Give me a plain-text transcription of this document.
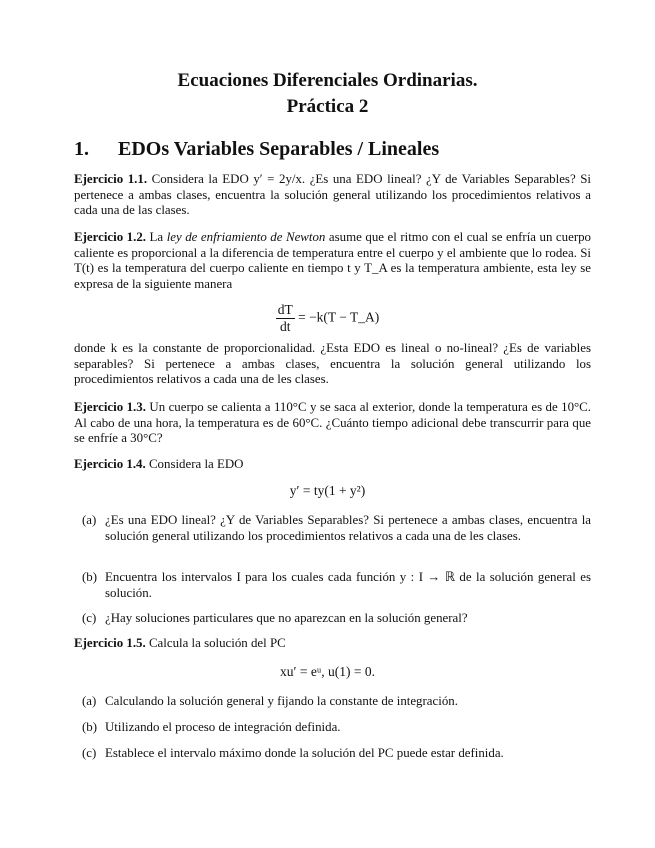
Ecuaciones Diferenciales Ordinarias.
Práctica 2
1. EDOs Variables Separables / Lineales
Ejercicio 1.1. Considera la EDO y′ = 2y/x. ¿Es una EDO lineal? ¿Y de Variables Separables? Si pertenece a ambas clases, encuentra la solución general utilizando los procedimientos relativos a cada una de las clases.
Ejercicio 1.2. La ley de enfriamiento de Newton asume que el ritmo con el cual se enfría un cuerpo caliente es proporcional a la diferencia de temperatura entre el cuerpo y el ambiente que lo rodea. Si T(t) es la temperatura del cuerpo caliente en tiempo t y T_A es la temperatura ambiente, esta ley se expresa de la siguiente manera
$\frac{dT}{dt} = -k(T$ − T_A)
donde k es la constante de proporcionalidad. ¿Esta EDO es lineal o no-lineal? ¿Es de variables separables? Si pertenece a ambas clases, encuentra la solución general utilizando los procedimientos relativos a cada una de les clases.
Ejercicio 1.3. Un cuerpo se calienta a 110°C y se saca al exterior, donde la temperatura es de 10°C. Al cabo de una hora, la temperatura es de 60°C. ¿Cuánto tiempo adicional debe transcurrir para que se enfríe a 30°C?
Ejercicio 1.4. Considera la EDO
y′ = ty(1 + y²)
(a) ¿Es una EDO lineal? ¿Y de Variables Separables? Si pertenece a ambas clases, encuentra la solución general utilizando los procedimientos relativos a cada una de les clases.
(b) Encuentra los intervalos I para los cuales cada función y : I → ℝ de la solución general es solución.
(c) ¿Hay soluciones particulares que no aparezcan en la solución general?
Ejercicio 1.5. Calcula la solución del PC
xu′ = eᵘ, u(1) = 0.
(a) Calculando la solución general y fijando la constante de integración.
(b) Utilizando el proceso de integración definida.
(c) Establece el intervalo máximo donde la solución del PC puede estar definida.
